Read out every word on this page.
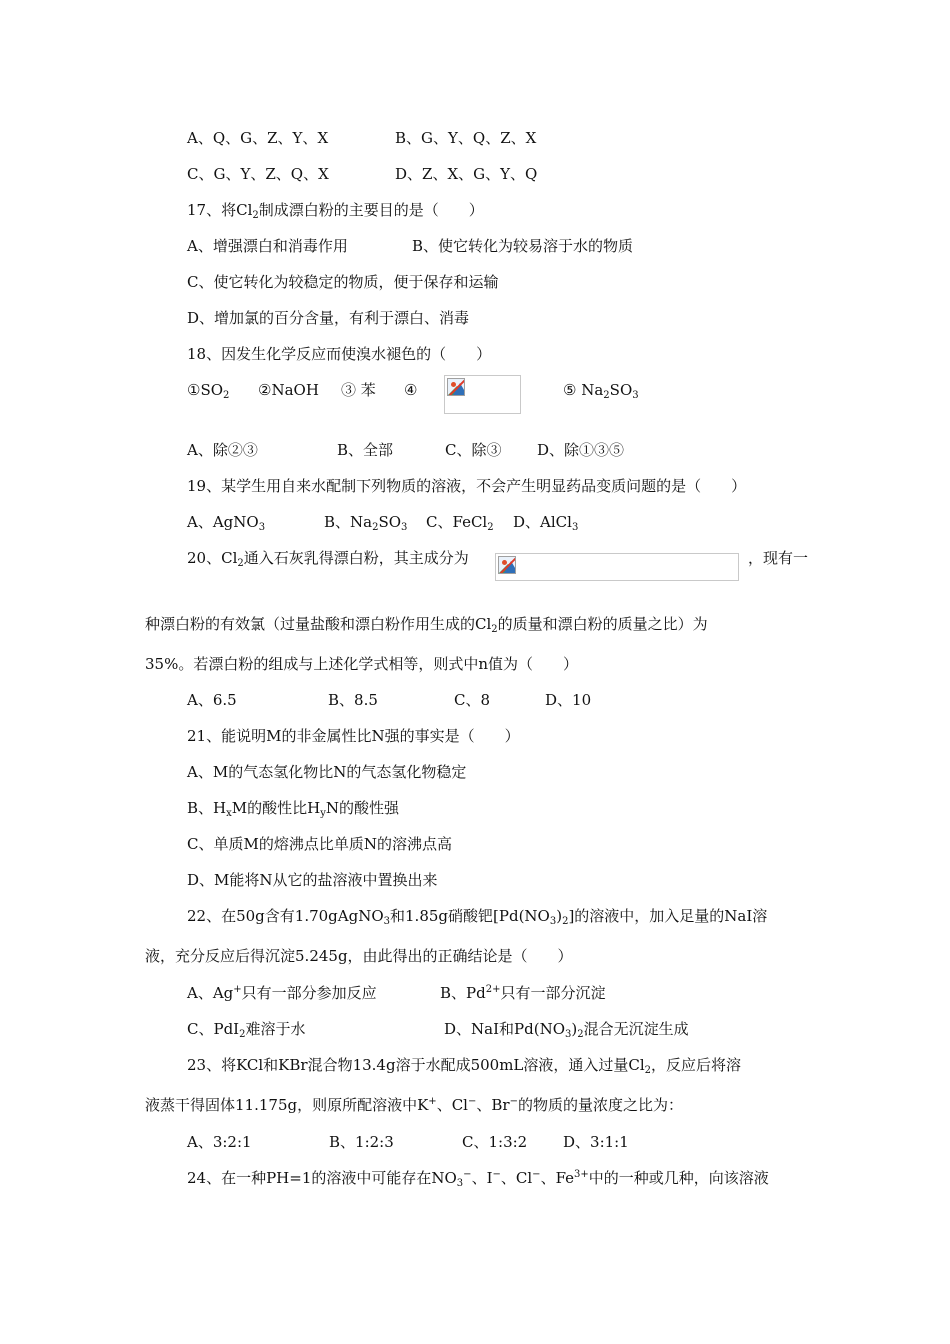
A、Q、G、Z、Y、X	B、G、Y、Q、Z、X
C、G、Y、Z、Q、X	D、Z、X、G、Y、Q
17、将$Cl_2$制成漂白粉的主要目的是（　　）
A、增强漂白和消毒作用	B、使它转化为较易溶于水的物质
C、使它转化为较稳定的物质，便于保存和运输
D、增加氯的百分含量，有利于漂白、消毒
18、因发生化学反应而使溴水褪色的（　　）
$①SO_2$ ②NaOH ③ 苯 ④	⑤ $Na_2SO_3$
A、除②③	B、全部	C、除③ D、除①③⑤
19、某学生用自来水配制下列物质的溶液，不会产生明显药品变质问题的是（　　）
A、AgNO$_3$	B、$Na_2SO_3$ C、FeCl$_2$ D、AlCl$_3$
20、$Cl_2$通入石灰乳得漂白粉，其主成分为	，现有一
种漂白粉的有效氯（过量盐酸和漂白粉作用生成的$Cl_2$的质量和漂白粉的质量之比）为
35%。若漂白粉的组成与上述化学式相等，则式中n值为（　　）
A、6.5	B、8.5	C、8	D、10
21、能说明M的非金属性比N强的事实是（　　）
A、M的气态氢化物比N的气态氢化物稳定
B、$H_xM$的酸性比$H_yN$的酸性强
C、单质M的熔沸点比单质N的溶沸点高
D、M能将N从它的盐溶液中置换出来
22、在50g含有1.70gAgNO$_3$和1.85g硝酸钯$[Pd(NO_3)_2]$的溶液中，加入足量的NaI溶
液，充分反应后得沉淀5.245g，由此得出的正确结论是（　　）
A、Ag+只有一部分参加反应	B、$Pd^{2+}$只有一部分沉淀
C、PdI$_2$难溶于水	D、NaI和$Pd(NO_3)_2$混合无沉淀生成
23、将KCl和KBr混合物13.4g溶于水配成500mL溶液，通入过量$Cl_2$，反应后将溶
液蒸干得固体11.175g，则原所配溶液中K+、Cl−、Br−的物质的量浓度之比为：
A、3:2:1	B、1:2:3	C、1:3:2 D、3:1:1
24、在一种PH=1的溶液中可能存在$NO_3^-$、I−、Cl−、$Fe^{3+}$中的一种或几种，向该溶液
